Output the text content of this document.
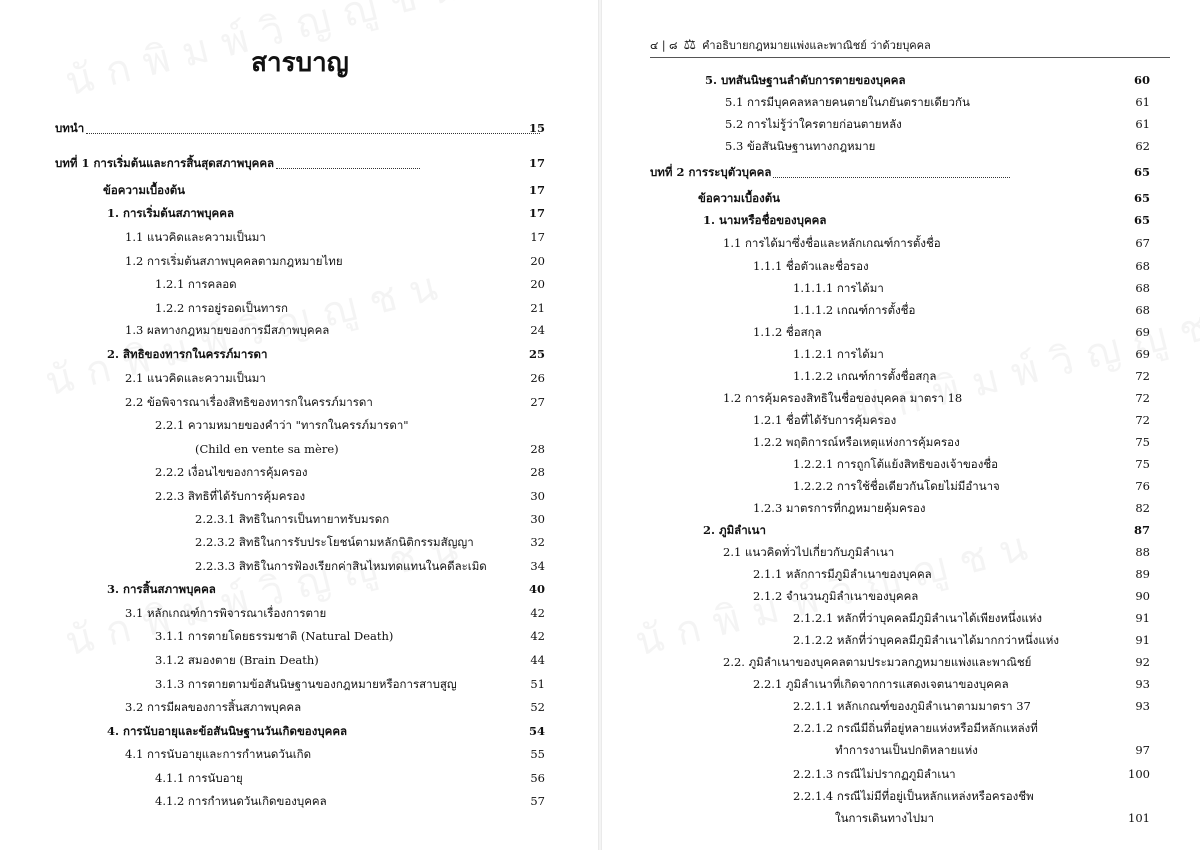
สารบาญ
บทนำ	15
บทที่ 1 การเริ่มต้นและการสิ้นสุดสภาพบุคคล	17
ข้อความเบื้องต้น	17
1. การเริ่มต้นสภาพบุคคล	17
1.1 แนวคิดและความเป็นมา	17
1.2 การเริ่มต้นสภาพบุคคลตามกฎหมายไทย	20
1.2.1 การคลอด	20
1.2.2 การอยู่รอดเป็นทารก	21
1.3 ผลทางกฎหมายของการมีสภาพบุคคล	24
2. สิทธิของทารกในครรภ์มารดา	25
2.1 แนวคิดและความเป็นมา	26
2.2 ข้อพิจารณาเรื่องสิทธิของทารกในครรภ์มารดา	27
2.2.1 ความหมายของคำว่า "ทารกในครรภ์มารดา"
(Child en vente sa mère)	28
2.2.2 เงื่อนไขของการคุ้มครอง	28
2.2.3 สิทธิที่ได้รับการคุ้มครอง	30
2.2.3.1 สิทธิในการเป็นทายาทรับมรดก	30
2.2.3.2 สิทธิในการรับประโยชน์ตามหลักนิติกรรมสัญญา	32
2.2.3.3 สิทธิในการฟ้องเรียกค่าสินไหมทดแทนในคดีละเมิด	34
3. การสิ้นสภาพบุคคล	40
3.1 หลักเกณฑ์การพิจารณาเรื่องการตาย	42
3.1.1 การตายโดยธรรมชาติ (Natural Death)	42
3.1.2 สมองตาย (Brain Death)	44
3.1.3 การตายตามข้อสันนิษฐานของกฎหมายหรือการสาบสูญ	51
3.2 การมีผลของการสิ้นสภาพบุคคล	52
4. การนับอายุและข้อสันนิษฐานวันเกิดของบุคคล	54
4.1 การนับอายุและการกำหนดวันเกิด	55
4.1.1 การนับอายุ	56
4.1.2 การกำหนดวันเกิดของบุคคล	57
๔ | ๘ ⚖ คำอธิบายกฎหมายแพ่งและพาณิชย์ ว่าด้วยบุคคล
5. บทสันนิษฐานลำดับการตายของบุคคล	60
5.1 การมีบุคคลหลายคนตายในภยันตรายเดียวกัน	61
5.2 การไม่รู้ว่าใครตายก่อนตายหลัง	61
5.3 ข้อสันนิษฐานทางกฎหมาย	62
บทที่ 2 การระบุตัวบุคคล	65
ข้อความเบื้องต้น	65
1. นามหรือชื่อของบุคคล	65
1.1 การได้มาซึ่งชื่อและหลักเกณฑ์การตั้งชื่อ	67
1.1.1 ชื่อตัวและชื่อรอง	68
1.1.1.1 การได้มา	68
1.1.1.2 เกณฑ์การตั้งชื่อ	68
1.1.2 ชื่อสกุล	69
1.1.2.1 การได้มา	69
1.1.2.2 เกณฑ์การตั้งชื่อสกุล	72
1.2 การคุ้มครองสิทธิในชื่อของบุคคล มาตรา 18	72
1.2.1 ชื่อที่ได้รับการคุ้มครอง	72
1.2.2 พฤติการณ์หรือเหตุแห่งการคุ้มครอง	75
1.2.2.1 การถูกโต้แย้งสิทธิของเจ้าของชื่อ	75
1.2.2.2 การใช้ชื่อเดียวกันโดยไม่มีอำนาจ	76
1.2.3 มาตรการที่กฎหมายคุ้มครอง	82
2. ภูมิลำเนา	87
2.1 แนวคิดทั่วไปเกี่ยวกับภูมิลำเนา	88
2.1.1 หลักการมีภูมิลำเนาของบุคคล	89
2.1.2 จำนวนภูมิลำเนาของบุคคล	90
2.1.2.1 หลักที่ว่าบุคคลมีภูมิลำเนาได้เพียงหนึ่งแห่ง	91
2.1.2.2 หลักที่ว่าบุคคลมีภูมิลำเนาได้มากกว่าหนึ่งแห่ง	91
2.2. ภูมิลำเนาของบุคคลตามประมวลกฎหมายแพ่งและพาณิชย์	92
2.2.1 ภูมิลำเนาที่เกิดจากการแสดงเจตนาของบุคคล	93
2.2.1.1 หลักเกณฑ์ของภูมิลำเนาตามมาตรา 37	93
2.2.1.2 กรณีมีถิ่นที่อยู่หลายแห่งหรือมีหลักแหล่งที่
ทำการงานเป็นปกติหลายแห่ง	97
2.2.1.3 กรณีไม่ปรากฏภูมิลำเนา	100
2.2.1.4 กรณีไม่มีที่อยู่เป็นหลักแหล่งหรือครองชีพ
ในการเดินทางไปมา	101
